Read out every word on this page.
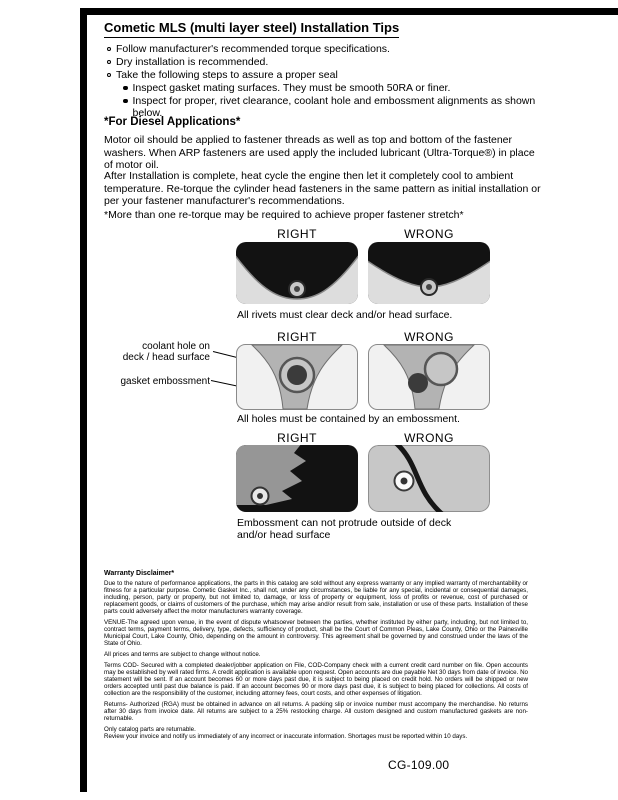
Cometic MLS (multi layer steel) Installation Tips
Follow manufacturer's recommended torque specifications.
Dry installation is recommended.
Take the following steps to assure a proper seal
Inspect gasket mating surfaces. They must be smooth 50RA or finer.
Inspect for proper, rivet clearance, coolant hole and embossment alignments as shown below.
*For Diesel Applications*
Motor oil should be applied to fastener threads as well as top and bottom of the fastener washers. When ARP fasteners are used apply the included lubricant (Ultra-Torque®) in place of motor oil.
After Installation is complete, heat cycle the engine then let it completely cool to ambient temperature. Re-torque the cylinder head fasteners in the same pattern as initial installation or per your fastener manufacturer's recommendations.
*More than one re-torque may be required to achieve proper fastener stretch*
RIGHT	WRONG
All rivets must clear deck and/or head surface.
RIGHT	WRONG
coolant hole on
deck / head surface
gasket embossment
All holes must be contained by an embossment.
RIGHT	WRONG
Embossment can not protrude outside of deck
and/or head surface
Warranty Disclaimer*

Due to the nature of performance applications, the parts in this catalog are sold without any express warranty or any implied warranty of merchantability or fitness for a particular purpose. Cometic Gasket Inc., shall not, under any circumstances, be liable for any special, incidental or consequential damages, including, person, party or property, but not limited to, damage, or loss of property or equipment, loss of profits or revenue, cost of purchased or replacement goods, or claims of customers of the purchase, which may arise and/or result from sale, installation or use of these parts. Installation of these parts could adversely affect the motor manufacturers warranty coverage.

VENUE-The agreed upon venue, in the event of dispute whatsoever between the parties, whether instituted by either party, including, but not limited to, contract terms, payment terms, delivery, type, defects, sufficiency of product, shall be the Court of Common Pleas, Lake County, Ohio or the Painesville Municipal Court, Lake County, Ohio, depending on the amount in controversy. This agreement shall be governed by and construed under the laws of the State of Ohio.

All prices and terms are subject to change without notice.

Terms COD- Secured with a completed dealer/jobber application on File, COD-Company check with a current credit card number on file. Open accounts may be established by well rated firms. A credit application is available upon request. Open accounts are due payable Net 30 days from date of invoice. No statement will be sent. If an account becomes 60 or more days past due, it is subject to being placed on credit hold. No orders will be shipped or new orders accepted until past due balance is paid. If an account becomes 90 or more days past due, it is subject to being placed for collections. All costs of collection are the responsibility of the customer, including attorney fees, court costs, and other expenses of litigation.

Returns- Authorized (RGA) must be obtained in advance on all returns. A packing slip or invoice number must accompany the merchandise. No returns after 30 days from invoice date. All returns are subject to a 25% restocking charge. All custom designed and custom manufactured gaskets are non-returnable.

Only catalog parts are returnable.

Review your invoice and notify us immediately of any incorrect or inaccurate information. Shortages must be reported within 10 days.

CG-109.00
